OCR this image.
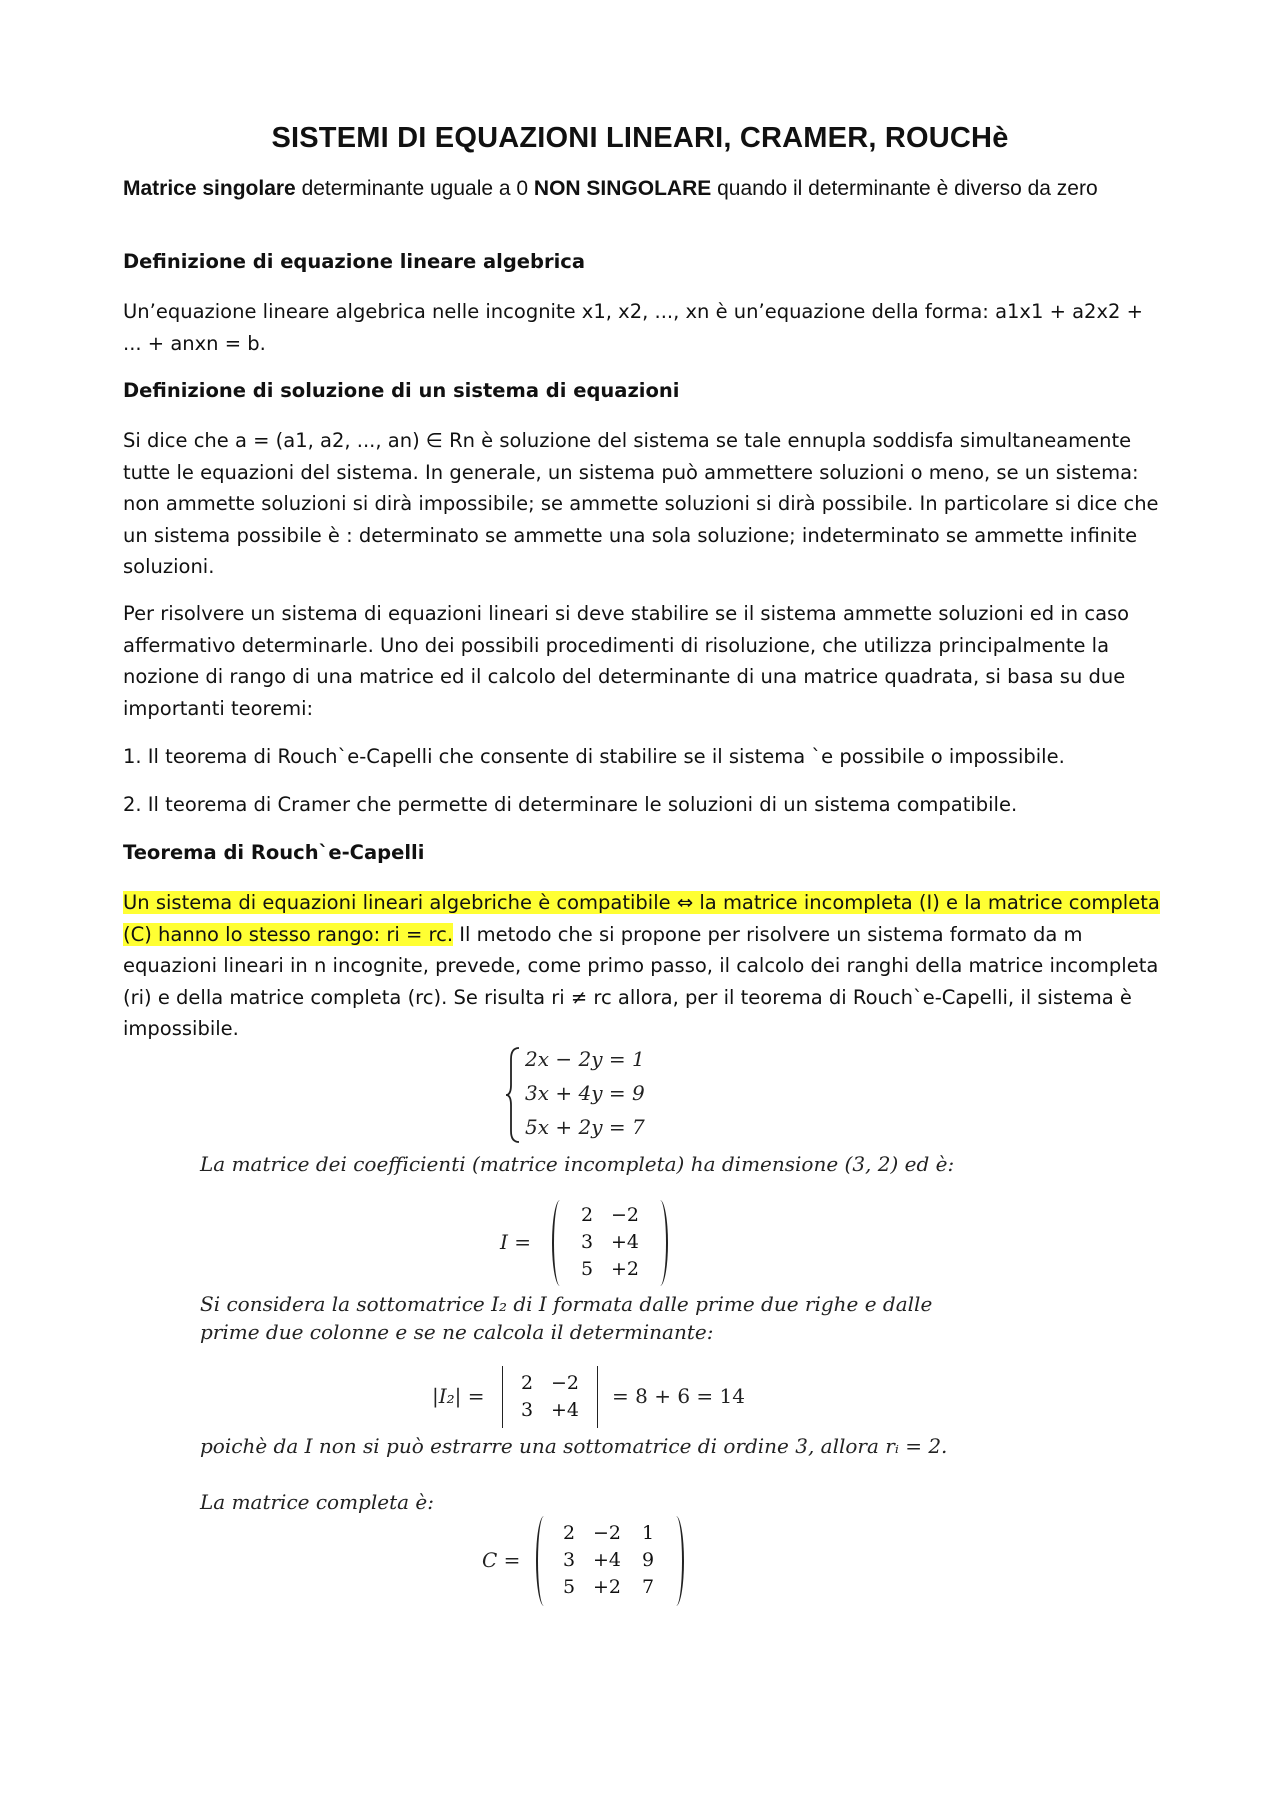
SISTEMI DI EQUAZIONI LINEARI, CRAMER, ROUCHè
Matrice singolare determinante uguale a 0 NON SINGOLARE quando il determinante è diverso da zero
Definizione di equazione lineare algebrica
Un’equazione lineare algebrica nelle incognite x1, x2, ..., xn è un’equazione della forma: a1x1 + a2x2 + ... + anxn = b.
Definizione di soluzione di un sistema di equazioni
Si dice che a = (a1, a2, ..., an) ∈ Rn è soluzione del sistema se tale ennupla soddisfa simultaneamente tutte le equazioni del sistema. In generale, un sistema può ammettere soluzioni o meno, se un sistema: non ammette soluzioni si dirà impossibile; se ammette soluzioni si dirà possibile. In particolare si dice che un sistema possibile è : determinato se ammette una sola soluzione; indeterminato se ammette infinite soluzioni.
Per risolvere un sistema di equazioni lineari si deve stabilire se il sistema ammette soluzioni ed in caso affermativo determinarle. Uno dei possibili procedimenti di risoluzione, che utilizza principalmente la nozione di rango di una matrice ed il calcolo del determinante di una matrice quadrata, si basa su due importanti teoremi:
1. Il teorema di Rouch`e-Capelli che consente di stabilire se il sistema `e possibile o impossibile.
2. Il teorema di Cramer che permette di determinare le soluzioni di un sistema compatibile.
Teorema di Rouch`e-Capelli
Un sistema di equazioni lineari algebriche è compatibile ⇔ la matrice incompleta (I) e la matrice completa (C) hanno lo stesso rango: ri = rc. Il metodo che si propone per risolvere un sistema formato da m equazioni lineari in n incognite, prevede, come primo passo, il calcolo dei ranghi della matrice incompleta (ri) e della matrice completa (rc). Se risulta ri ≠ rc allora, per il teorema di Rouch`e-Capelli, il sistema è impossibile.
2x − 2y = 1
3x + 4y = 9
5x + 2y = 7
La matrice dei coefficienti (matrice incompleta) ha dimensione (3, 2) ed è:
I =
2 −2
3 +4
5 +2
Si considera la sottomatrice I₂ di I formata dalle prime due righe e dalle
prime due colonne e se ne calcola il determinante:
|I₂| =
2 −2
3 +4
= 8 + 6 = 14
poichè da I non si può estrarre una sottomatrice di ordine 3, allora rᵢ = 2.
La matrice completa è:
C =
2 −2	1
3 +4	9
5 +2	7
